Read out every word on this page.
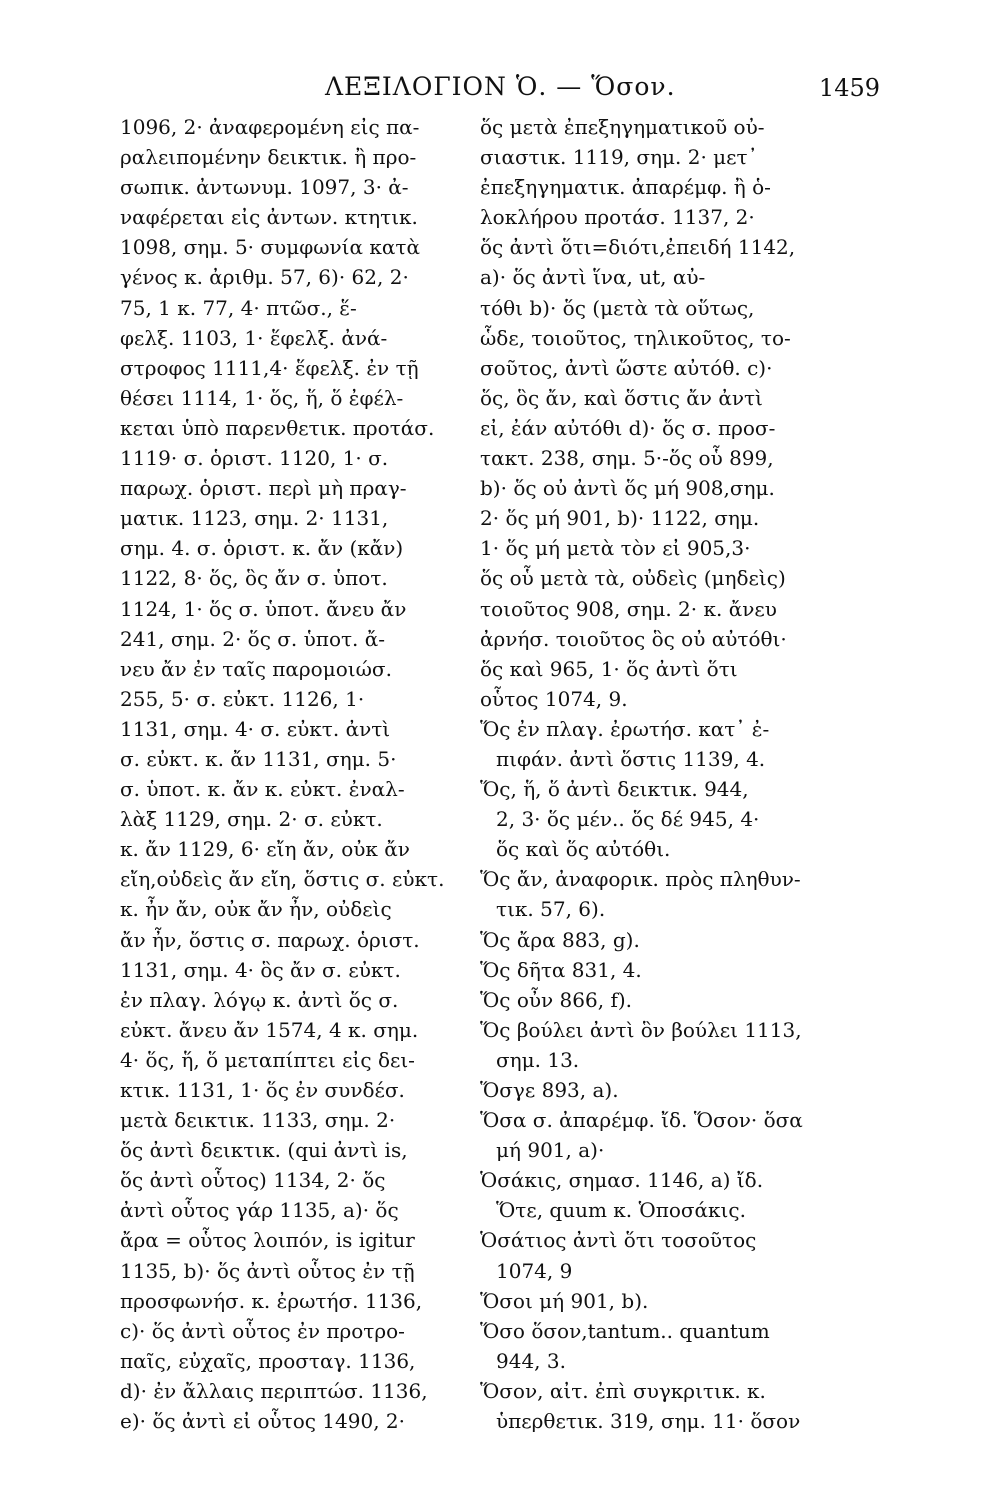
ΛΕΞΙΛΟΓΙΟΝ Ὁ. — Ὅσον.	1459
1096, 2· ἀναφερομένη εἰς πα-
ραλειπομένην δεικτικ. ἢ προ-
σωπικ. ἀντωνυμ. 1097, 3· ἀ-
ναφέρεται εἰς ἀντων. κτητικ.
1098, σημ. 5· συμφωνία κατὰ
γένος κ. ἀριθμ. 57, 6)· 62, 2·
75, 1 κ. 77, 4· πτῶσ., ἕ-
φελξ. 1103, 1· ἕφελξ. ἀνά-
στροφος 1111,4· ἕφελξ. ἐν τῇ
θέσει 1114, 1· ὅς, ἥ, ὅ ἐφέλ-
κεται ὑπὸ παρενθετικ. προτάσ.
1119· σ. ὁριστ. 1120, 1· σ.
παρωχ. ὁριστ. περὶ μὴ πραγ-
ματικ. 1123, σημ. 2· 1131,
σημ. 4. σ. ὁριστ. κ. ἄν (κἄν)
1122, 8· ὅς, ὃς ἄν σ. ὑποτ.
1124, 1· ὅς σ. ὑποτ. ἄνευ ἄν
241, σημ. 2· ὅς σ. ὑποτ. ἄ-
νευ ἄν ἐν ταῖς παρομοιώσ.
255, 5· σ. εὐκτ. 1126, 1·
1131, σημ. 4· σ. εὐκτ. ἀντὶ
σ. εὐκτ. κ. ἄν 1131, σημ. 5·
σ. ὑποτ. κ. ἄν κ. εὐκτ. ἐναλ-
λὰξ 1129, σημ. 2· σ. εὐκτ.
κ. ἄν 1129, 6· εἴη ἄν, οὐκ ἄν
εἴη,οὐδεὶς ἄν εἴη, ὅστις σ. εὐκτ.
κ. ἦν ἄν, οὐκ ἄν ἦν, οὐδεὶς
ἄν ἦν, ὅστις σ. παρωχ. ὁριστ.
1131, σημ. 4· ὃς ἄν σ. εὐκτ.
ἐν πλαγ. λόγῳ κ. ἀντὶ ὅς σ.
εὐκτ. ἄνευ ἄν 1574, 4 κ. σημ.
4· ὅς, ἥ, ὅ μεταπίπτει εἰς δει-
κτικ. 1131, 1· ὅς ἐν συνδέσ.
μετὰ δεικτικ. 1133, σημ. 2·
ὅς ἀντὶ δεικτικ. (qui ἀντὶ is,
ὅς ἀντὶ οὗτος) 1134, 2· ὅς
ἀντὶ οὗτος γάρ 1135, a)· ὅς
ἄρα = οὗτος λοιπόν, is igitur
1135, b)· ὅς ἀντὶ οὗτος ἐν τῇ
προσφωνήσ. κ. ἐρωτήσ. 1136,
c)· ὅς ἀντὶ οὗτος ἐν προτρο-
παῖς, εὐχαῖς, προσταγ. 1136,
d)· ἐν ἄλλαις περιπτώσ. 1136,
e)· ὅς ἀντὶ εἰ οὗτος 1490, 2·
ὅς μετὰ ἐπεξηγηματικοῦ οὐ-
σιαστικ. 1119, σημ. 2· μετ᾽
ἐπεξηγηματικ. ἀπαρέμφ. ἢ ὁ-
λοκλήρου προτάσ. 1137, 2·
ὅς ἀντὶ ὅτι=διότι,ἐπειδή 1142,
a)· ὅς ἀντὶ ἵνα, ut, αὐ-
τόθι b)· ὅς (μετὰ τὰ οὕτως,
ὧδε, τοιοῦτος, τηλικοῦτος, το-
σοῦτος, ἀντὶ ὥστε αὐτόθ. c)·
ὅς, ὃς ἄν, καὶ ὅστις ἄν ἀντὶ
εἰ, ἐάν αὐτόθι d)· ὅς σ. προσ-
τακτ. 238, σημ. 5·-ὅς οὗ 899,
b)· ὅς οὐ ἀντὶ ὅς μή 908,σημ.
2· ὅς μή 901, b)· 1122, σημ.
1· ὅς μή μετὰ τὸν εἰ 905,3·
ὅς οὗ μετὰ τὰ, οὐδεὶς (μηδεὶς)
τοιοῦτος 908, σημ. 2· κ. ἄνευ
ἀρνήσ. τοιοῦτος ὃς οὐ αὐτόθι·
ὅς καὶ 965, 1· ὅς ἀντὶ ὅτι
οὗτος 1074, 9.
Ὅς ἐν πλαγ. ἐρωτήσ. κατ᾽ ἐ-
πιφάν. ἀντὶ ὅστις 1139, 4.
Ὅς, ἥ, ὅ ἀντὶ δεικτικ. 944,
2, 3· ὅς μέν.. ὅς δέ 945, 4·
ὅς καὶ ὅς αὐτόθι.
Ὅς ἄν, ἀναφορικ. πρὸς πληθυν-
τικ. 57, 6).
Ὅς ἄρα 883, g).
Ὅς δῆτα 831, 4.
Ὅς οὖν 866, f).
Ὅς βούλει ἀντὶ ὃν βούλει 1113,
σημ. 13.
Ὅσγε 893, a).
Ὅσα σ. ἀπαρέμφ. ἴδ. Ὅσον· ὅσα
μή 901, a)·
Ὁσάκις, σημασ. 1146, a) ἴδ.
Ὅτε, quum κ. Ὁποσάκις.
Ὁσάτιος ἀντὶ ὅτι τοσοῦτος
1074, 9
Ὅσοι μή 901, b).
Ὅσο ὅσον,tantum.. quantum
944, 3.
Ὅσον, αἰτ. ἐπὶ συγκριτικ. κ.
ὑπερθετικ. 319, σημ. 11· ὅσον
